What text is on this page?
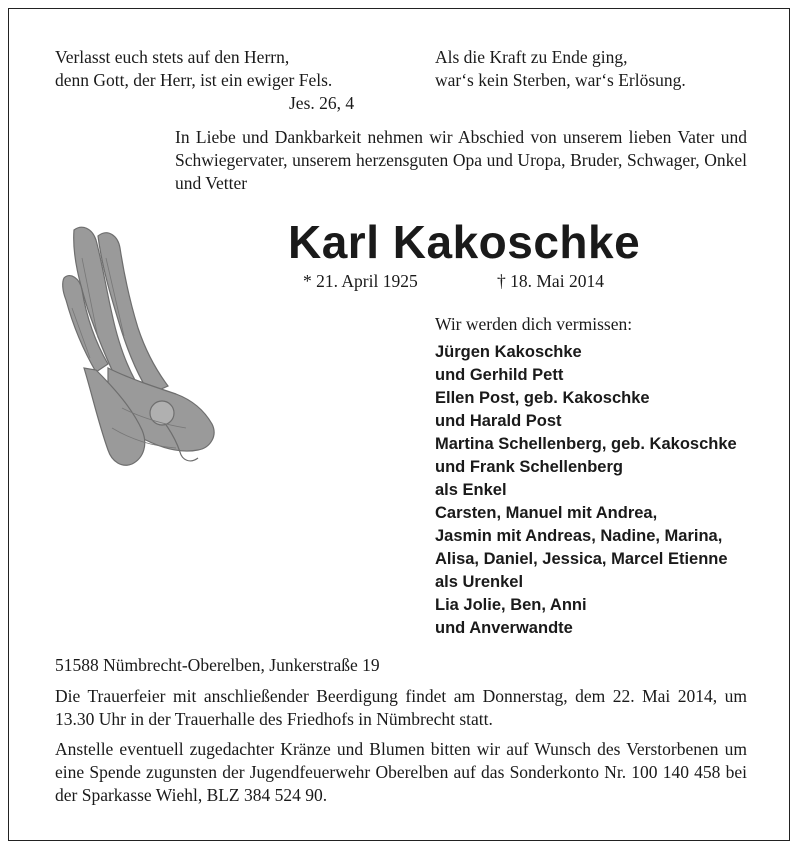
Verlasst euch stets auf den Herrn,
denn Gott, der Herr, ist ein ewiger Fels.
Jes. 26, 4
Als die Kraft zu Ende ging,
war‘s kein Sterben, war‘s Erlösung.
In Liebe und Dankbarkeit nehmen wir Abschied von unserem lieben Vater und Schwiegervater, unserem herzensguten Opa und Uropa, Bruder, Schwager, Onkel und Vetter
Karl Kakoschke
* 21. April 1925	† 18. Mai 2014
Wir werden dich vermissen:
Jürgen Kakoschke
und Gerhild Pett
Ellen Post, geb. Kakoschke
und Harald Post
Martina Schellenberg, geb. Kakoschke
und Frank Schellenberg
als Enkel
Carsten, Manuel mit Andrea,
Jasmin mit Andreas, Nadine, Marina,
Alisa, Daniel, Jessica, Marcel Etienne
als Urenkel
Lia Jolie, Ben, Anni
und Anverwandte
51588 Nümbrecht-Oberelben, Junkerstraße 19
Die Trauerfeier mit anschließender Beerdigung findet am Donnerstag, dem 22. Mai 2014, um 13.30 Uhr in der Trauerhalle des Friedhofs in Nümbrecht statt.
Anstelle eventuell zugedachter Kränze und Blumen bitten wir auf Wunsch des Verstorbenen um eine Spende zugunsten der Jugendfeuerwehr Oberelben auf das Sonderkonto Nr. 100 140 458 bei der Sparkasse Wiehl, BLZ 384 524 90.
